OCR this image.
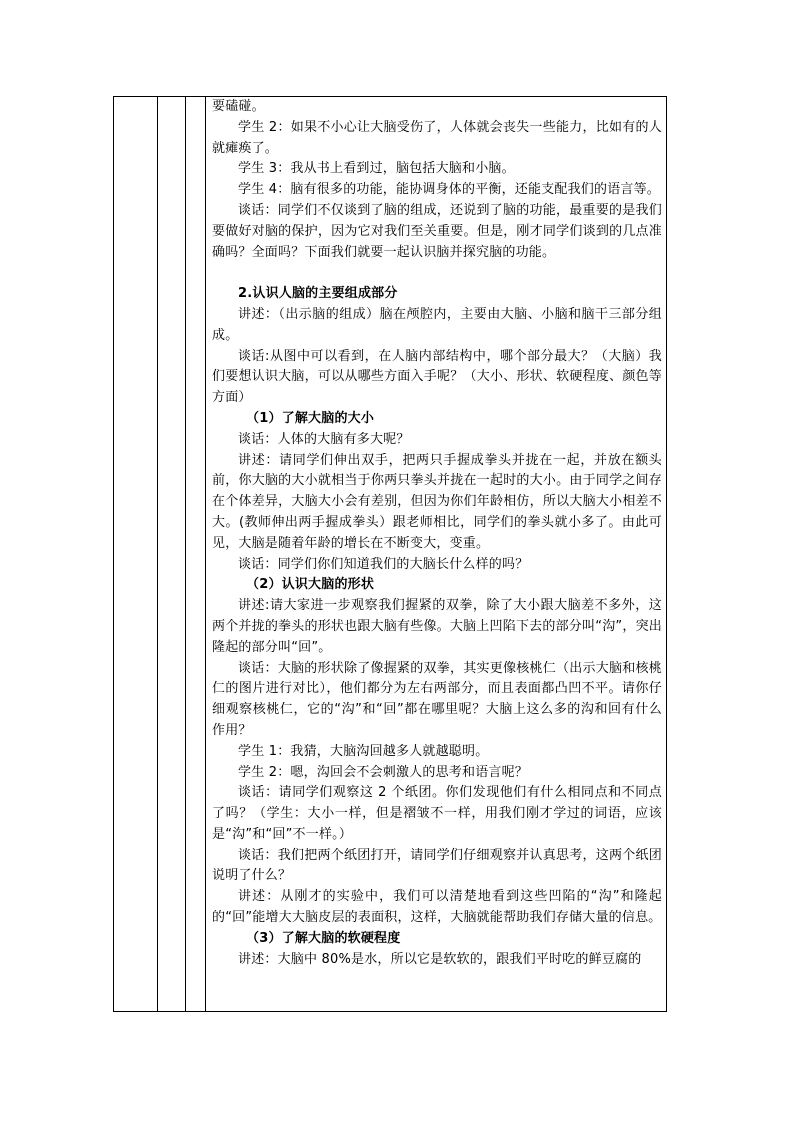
要磕碰。

学生 2：如果不小心让大脑受伤了，人体就会丧失一些能力，比如有的人就瘫痪了。

学生 3：我从书上看到过，脑包括大脑和小脑。

学生 4：脑有很多的功能，能协调身体的平衡，还能支配我们的语言等。

谈话：同学们不仅谈到了脑的组成，还说到了脑的功能，最重要的是我们要做好对脑的保护，因为它对我们至关重要。但是，刚才同学们谈到的几点准确吗？全面吗？下面我们就要一起认识脑并探究脑的功能。

2.认识人脑的主要组成部分

讲述：（出示脑的组成）脑在颅腔内，主要由大脑、小脑和脑干三部分组成。

谈话:从图中可以看到，在人脑内部结构中，哪个部分最大？（大脑）我们要想认识大脑，可以从哪些方面入手呢？（大小、形状、软硬程度、颜色等方面）

（1）了解大脑的大小

谈话：人体的大脑有多大呢？

讲述：请同学们伸出双手，把两只手握成拳头并拢在一起，并放在额头前，你大脑的大小就相当于你两只拳头并拢在一起时的大小。由于同学之间存在个体差异，大脑大小会有差别，但因为你们年龄相仿，所以大脑大小相差不大。(教师伸出两手握成拳头）跟老师相比，同学们的拳头就小多了。由此可见，大脑是随着年龄的增长在不断变大，变重。

谈话：同学们你们知道我们的大脑长什么样的吗？

（2）认识大脑的形状

讲述:请大家进一步观察我们握紧的双拳，除了大小跟大脑差不多外，这两个并拢的拳头的形状也跟大脑有些像。大脑上凹陷下去的部分叫“沟”，突出隆起的部分叫“回”。

谈话：大脑的形状除了像握紧的双拳，其实更像核桃仁（出示大脑和核桃仁的图片进行对比），他们都分为左右两部分，而且表面都凸凹不平。请你仔细观察核桃仁，它的“沟”和“回”都在哪里呢？大脑上这么多的沟和回有什么作用？

学生 1：我猜，大脑沟回越多人就越聪明。

学生 2：嗯，沟回会不会刺激人的思考和语言呢？

谈话：请同学们观察这 2 个纸团。你们发现他们有什么相同点和不同点了吗？（学生：大小一样，但是褶皱不一样，用我们刚才学过的词语，应该是“沟”和“回”不一样。）

谈话：我们把两个纸团打开，请同学们仔细观察并认真思考，这两个纸团说明了什么？

讲述：从刚才的实验中，我们可以清楚地看到这些凹陷的“沟”和隆起的“回”能增大大脑皮层的表面积，这样，大脑就能帮助我们存储大量的信息。

（3）了解大脑的软硬程度

讲述：大脑中 80%是水，所以它是软软的，跟我们平时吃的鲜豆腐的
